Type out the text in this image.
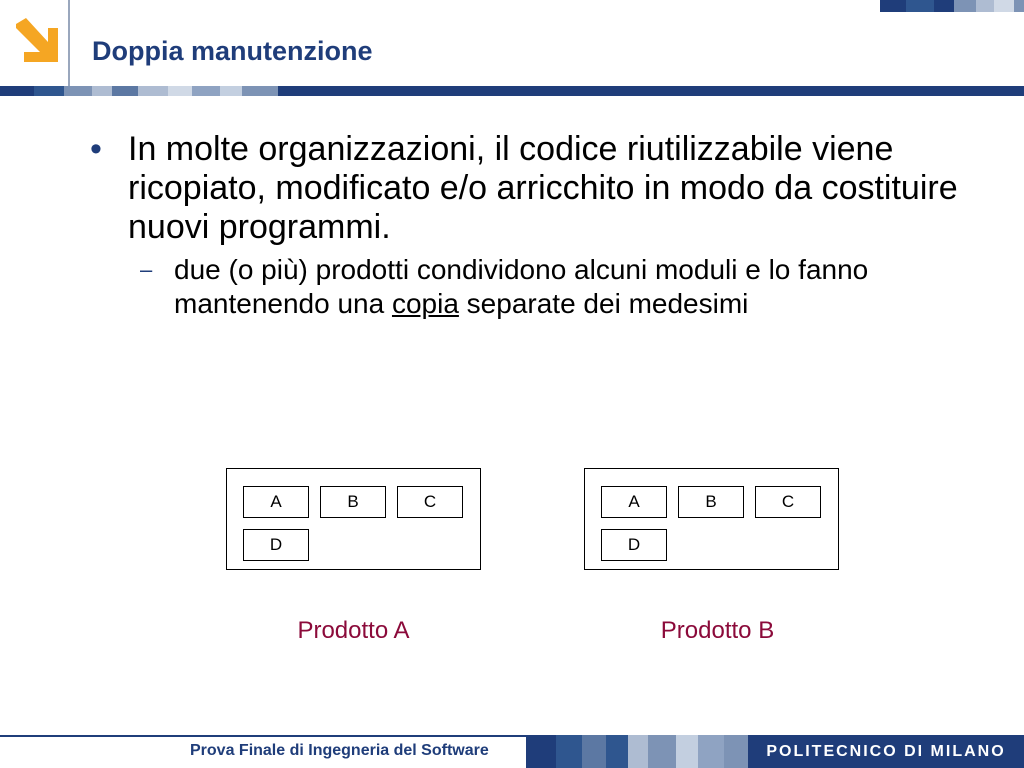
Doppia manutenzione
• In molte organizzazioni, il codice riutilizzabile viene ricopiato, modificato e/o arricchito in modo da costituire nuovi programmi.
– due (o più) prodotti condividono alcuni moduli e lo fanno mantenendo una copia separate dei medesimi
A	B	C
D
Prodotto A
A	B	C
D
Prodotto B
Prova Finale di Ingegneria del Software	POLITECNICO DI MILANO
